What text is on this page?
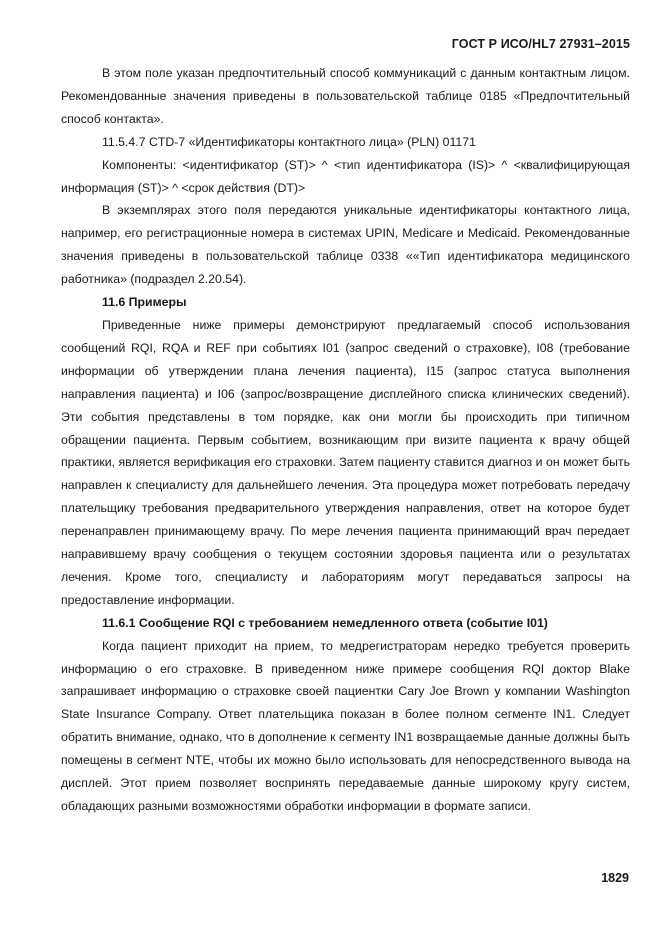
ГОСТ Р ИСО/HL7 27931–2015

В этом поле указан предпочтительный способ коммуникаций с данным контактным лицом. Рекомендованные значения приведены в пользовательской таблице 0185 «Предпочтительный способ контакта».

11.5.4.7 CTD-7 «Идентификаторы контактного лица» (PLN) 01171

Компоненты: <идентификатор (ST)> ^ <тип идентификатора (IS)> ^ <квалифицирующая информация (ST)> ^ <срок действия (DT)>

В экземплярах этого поля передаются уникальные идентификаторы контактного лица, например, его регистрационные номера в системах UPIN, Medicare и Medicaid. Рекомендованные значения приведены в пользовательской таблице 0338 ««Тип идентификатора медицинского работника» (подраздел 2.20.54).

11.6 Примеры

Приведенные ниже примеры демонстрируют предлагаемый способ использования сообщений RQI, RQA и REF при событиях I01 (запрос сведений о страховке), I08 (требование информации об утверждении плана лечения пациента), I15 (запрос статуса выполнения направления пациента) и I06 (запрос/возвращение дисплейного списка клинических сведений). Эти события представлены в том порядке, как они могли бы происходить при типичном обращении пациента. Первым событием, возникающим при визите пациента к врачу общей практики, является верификация его страховки. Затем пациенту ставится диагноз и он может быть направлен к специалисту для дальнейшего лечения. Эта процедура может потребовать передачу плательщику требования предварительного утверждения направления, ответ на которое будет перенаправлен принимающему врачу. По мере лечения пациента принимающий врач передает направившему врачу сообщения о текущем состоянии здоровья пациента или о результатах лечения. Кроме того, специалисту и лабораториям могут передаваться запросы на предоставление информации.

11.6.1 Сообщение RQI с требованием немедленного ответа (событие I01)

Когда пациент приходит на прием, то медрегистраторам нередко требуется проверить информацию о его страховке. В приведенном ниже примере сообщения RQI доктор Blake запрашивает информацию о страховке своей пациентки Cary Joe Brown у компании Washington State Insurance Company. Ответ плательщика показан в более полном сегменте IN1. Следует обратить внимание, однако, что в дополнение к сегменту IN1 возвращаемые данные должны быть помещены в сегмент NTE, чтобы их можно было использовать для непосредственного вывода на дисплей. Этот прием позволяет воспринять передаваемые данные широкому кругу систем, обладающих разными возможностями обработки информации в формате записи.

1829
